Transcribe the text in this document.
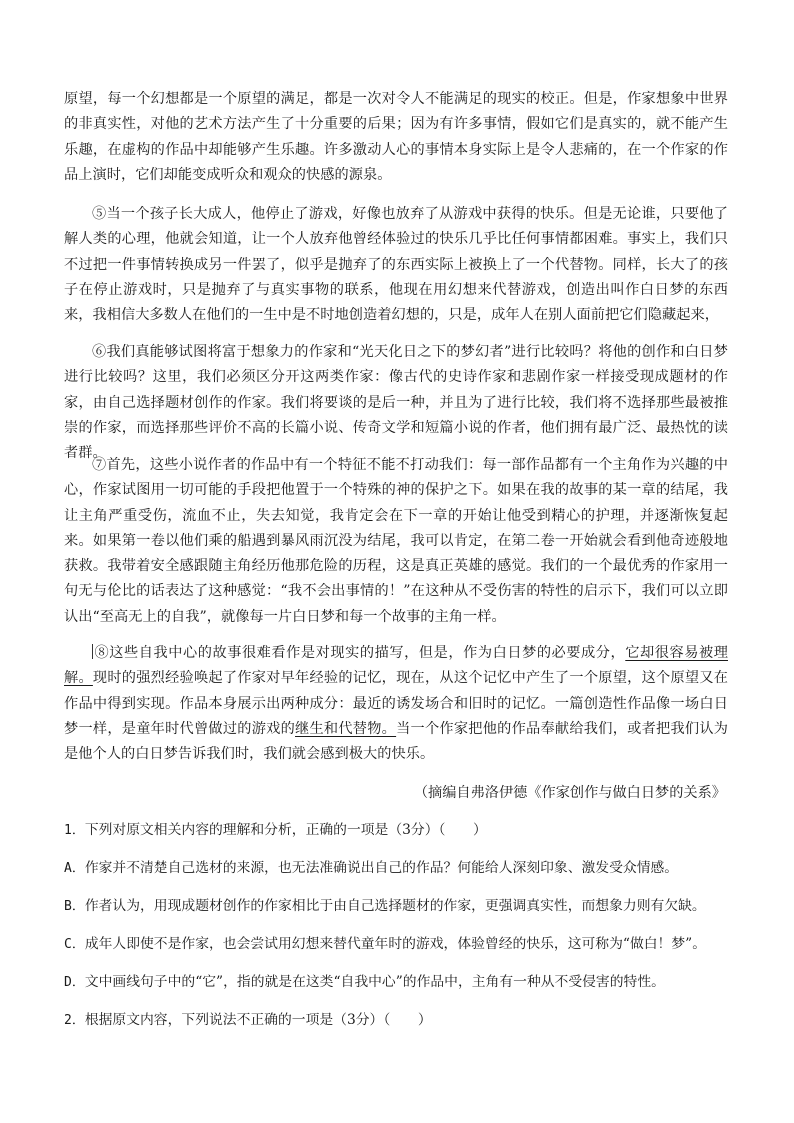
原望，每一个幻想都是一个原望的满足，都是一次对令人不能满足的现实的校正。但是，作家想象中世界的非真实性，对他的艺术方法产生了十分重要的后果；因为有许多事情，假如它们是真实的，就不能产生乐趣，在虚构的作品中却能够产生乐趣。许多激动人心的事情本身实际上是令人悲痛的，在一个作家的作品上演时，它们却能变成听众和观众的快感的源泉。

⑤当一个孩子长大成人，他停止了游戏，好像也放弃了从游戏中获得的快乐。但是无论谁，只要他了解人类的心理，他就会知道，让一个人放弃他曾经体验过的快乐几乎比任何事情都困难。事实上，我们只不过把一件事情转换成另一件罢了，似乎是抛弃了的东西实际上被换上了一个代替物。同样，长大了的孩子在停止游戏时，只是抛弃了与真实事物的联系，他现在用幻想来代替游戏，创造出叫作白日梦的东西来，我相信大多数人在他们的一生中是不时地创造着幻想的，只是，成年人在别人面前把它们隐藏起来，

⑥我们真能够试图将富于想象力的作家和“光天化日之下的梦幻者”进行比较吗？将他的创作和白日梦进行比较吗？这里，我们必须区分开这两类作家：像古代的史诗作家和悲剧作家一样接受现成题材的作家，由自己选择题材创作的作家。我们将要谈的是后一种，并且为了进行比较，我们将不选择那些最被推崇的作家，而选择那些评价不高的长篇小说、传奇文学和短篇小说的作者，他们拥有最广泛、最热忱的读者群。

⑦首先，这些小说作者的作品中有一个特征不能不打动我们：每一部作品都有一个主角作为兴趣的中心，作家试图用一切可能的手段把他置于一个特殊的神的保护之下。如果在我的故事的某一章的结尾，我让主角严重受伤，流血不止，失去知觉，我肯定会在下一章的开始让他受到精心的护理，并逐渐恢复起来。如果第一卷以他们乘的船遇到暴风雨沉没为结尾，我可以肯定，在第二卷一开始就会看到他奇迹般地获救。我带着安全感跟随主角经历他那危险的历程，这是真正英雄的感觉。我们的一个最优秀的作家用一句无与伦比的话表达了这种感觉：“我不会出事情的！”在这种从不受伤害的特性的启示下，我们可以立即认出“至高无上的自我”，就像每一片白日梦和每一个故事的主角一样。

⑧这些自我中心的故事很难看作是对现实的描写，但是，作为白日梦的必要成分，它却很容易被理解。现时的强烈经验唤起了作家对早年经验的记忆，现在，从这个记忆中产生了一个原望，这个原望又在作品中得到实现。作品本身展示出两种成分：最近的诱发场合和旧时的记忆。一篇创造性作品像一场白日梦一样，是童年时代曾做过的游戏的继生和代替物。当一个作家把他的作品奉献给我们，或者把我们认为是他个人的白日梦告诉我们时，我们就会感到极大的快乐。

（摘编自弗洛伊德《作家创作与做白日梦的关系》
1．下列对原文相关内容的理解和分析，正确的一项是（3分）（　　）
A．作家并不清楚自己选材的来源，也无法准确说出自己的作品？何能给人深刻印象、激发受众情感。
B．作者认为，用现成题材创作的作家相比于由自己选择题材的作家，更强调真实性，而想象力则有欠缺。
C．成年人即使不是作家，也会尝试用幻想来替代童年时的游戏，体验曾经的快乐，这可称为“做白！梦”。
D．文中画线句子中的“它”，指的就是在这类“自我中心”的作品中，主角有一种从不受侵害的特性。
2．根据原文内容，下列说法不正确的一项是（3分）（　　）
